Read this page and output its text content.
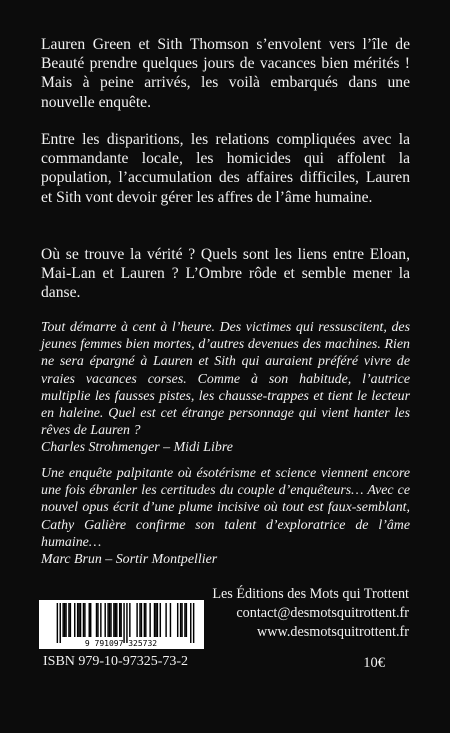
Lauren Green et Sith Thomson s’envolent vers l’île de Beauté prendre quelques jours de vacances bien mérités ! Mais à peine arrivés, les voilà embarqués dans une nouvelle enquête.

Entre les disparitions, les relations compliquées avec la commandante locale, les homicides qui affolent la population, l’accumulation des affaires difficiles, Lauren et Sith vont devoir gérer les affres de l’âme humaine.

Où se trouve la vérité ? Quels sont les liens entre Eloan, Mai-Lan et Lauren ? L’Ombre rôde et semble mener la danse.

Tout démarre à cent à l’heure. Des victimes qui ressuscitent, des jeunes femmes bien mortes, d’autres devenues des machines. Rien ne sera épargné à Lauren et Sith qui auraient préféré vivre de vraies vacances corses. Comme à son habitude, l’autrice multiplie les fausses pistes, les chausse-trappes et tient le lecteur en haleine. Quel est cet étrange personnage qui vient hanter les rêves de Lauren ?
Charles Strohmenger – Midi Libre
Une enquête palpitante où ésotérisme et science viennent encore une fois ébranler les certitudes du couple d’enquêteurs… Avec ce nouvel opus écrit d’une plume incisive où tout est faux-semblant, Cathy Galière confirme son talent d’exploratrice de l’âme humaine…
Marc Brun – Sortir Montpellier
Les Éditions des Mots qui Trottent
contact@desmotsquitrottent.fr
www.desmotsquitrottent.fr
9 791097 325732
ISBN 979-10-97325-73-2	10€
